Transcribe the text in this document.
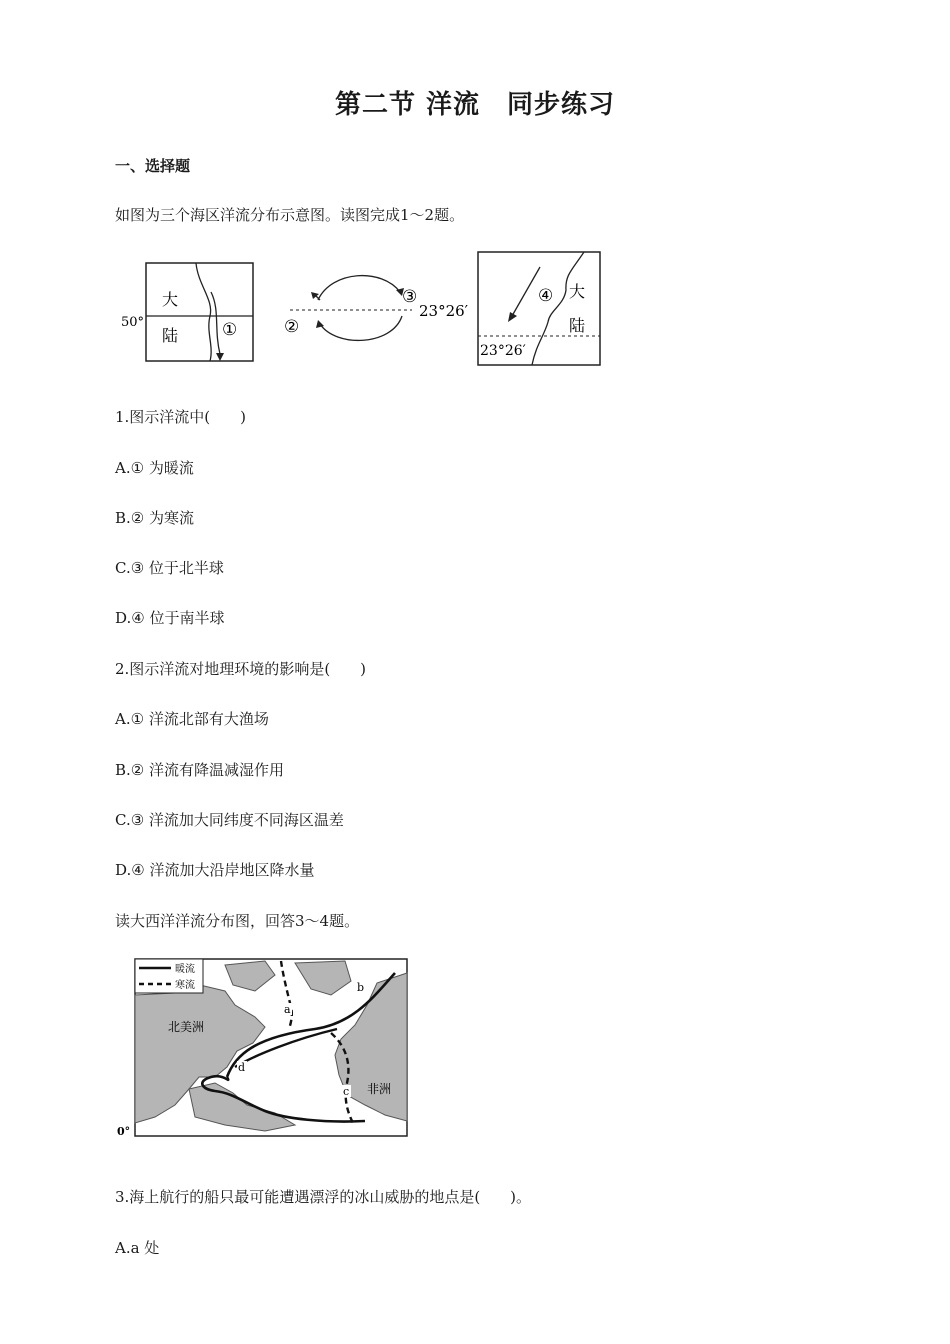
第二节 洋流　同步练习
一、选择题
如图为三个海区洋流分布示意图。读图完成1～2题。
大
陆	①
50°	②
③
23°26′
④ 大
陆
23°26′
1.图示洋流中(　　)
A.① 为暖流
B.② 为寒流
C.③ 位于北半球
D.④ 位于南半球
2.图示洋流对地理环境的影响是(　　)
A.① 洋流北部有大渔场
B.② 洋流有降温减湿作用
C.③ 洋流加大同纬度不同海区温差
D.④ 洋流加大沿岸地区降水量
读大西洋洋流分布图，回答3～4题。
暖流
寒流
北美洲
非洲
a
b
c
d
0°
3.海上航行的船只最可能遭遇漂浮的冰山威胁的地点是(　　)。
A.a 处
